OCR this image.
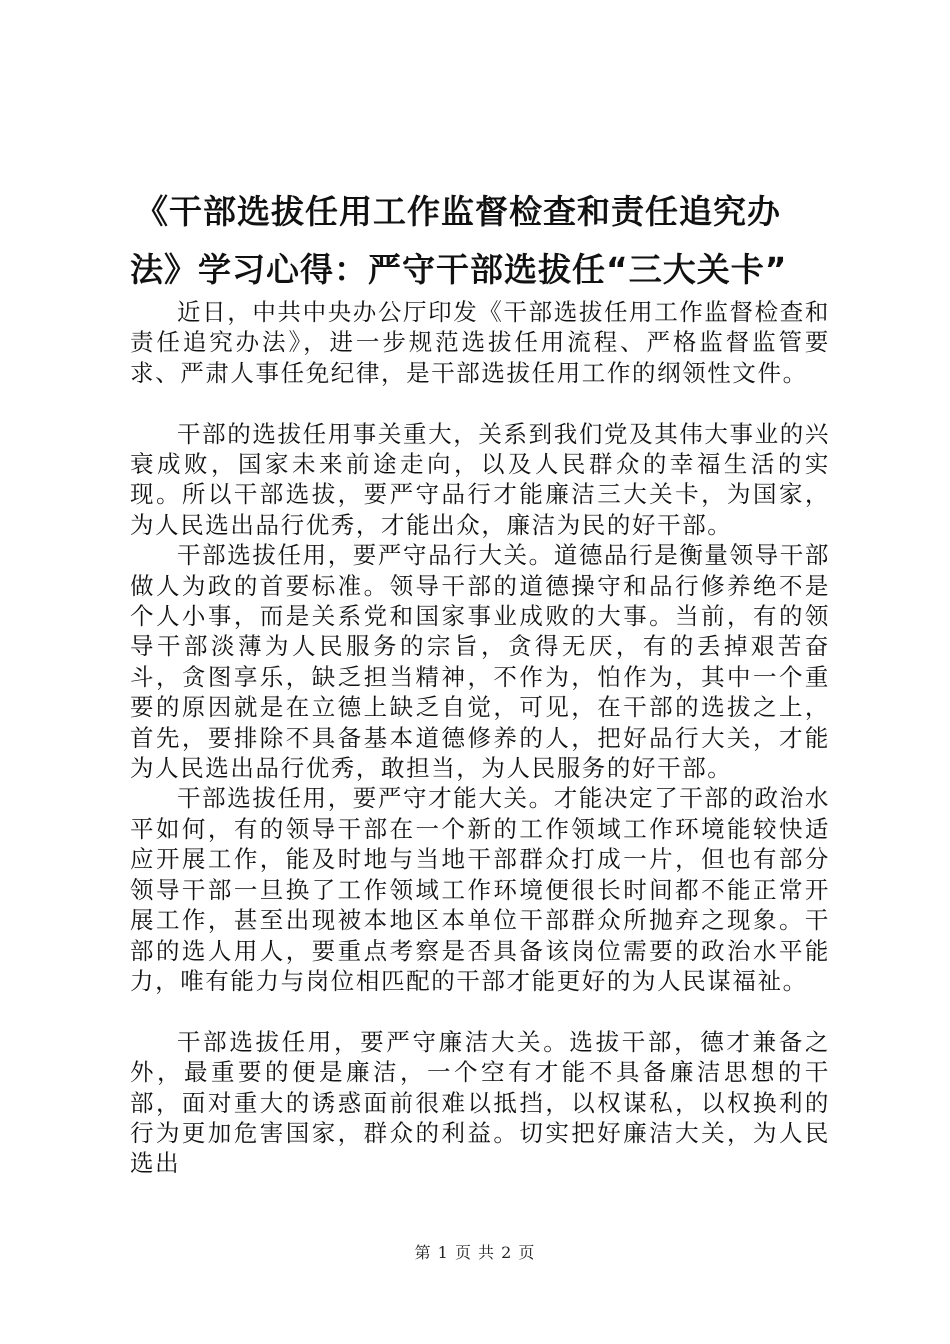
《干部选拔任用工作监督检查和责任追究办
法》学习心得：严守干部选拔任“三大关卡”

近日，中共中央办公厅印发《干部选拔任用工作监督检查和责任追究办法》，进一步规范选拔任用流程、严格监督监管要求、严肃人事任免纪律，是干部选拔任用工作的纲领性文件。

干部的选拔任用事关重大，关系到我们党及其伟大事业的兴衰成败，国家未来前途走向，以及人民群众的幸福生活的实现。所以干部选拔，要严守品行才能廉洁三大关卡，为国家，为人民选出品行优秀，才能出众，廉洁为民的好干部。

干部选拔任用，要严守品行大关。道德品行是衡量领导干部做人为政的首要标准。领导干部的道德操守和品行修养绝不是个人小事，而是关系党和国家事业成败的大事。当前，有的领导干部淡薄为人民服务的宗旨，贪得无厌，有的丢掉艰苦奋斗，贪图享乐，缺乏担当精神，不作为，怕作为，其中一个重要的原因就是在立德上缺乏自觉，可见，在干部的选拔之上，首先，要排除不具备基本道德修养的人，把好品行大关，才能为人民选出品行优秀，敢担当，为人民服务的好干部。

干部选拔任用，要严守才能大关。才能决定了干部的政治水平如何，有的领导干部在一个新的工作领域工作环境能较快适应开展工作，能及时地与当地干部群众打成一片，但也有部分领导干部一旦换了工作领域工作环境便很长时间都不能正常开展工作，甚至出现被本地区本单位干部群众所抛弃之现象。干部的选人用人，要重点考察是否具备该岗位需要的政治水平能力，唯有能力与岗位相匹配的干部才能更好的为人民谋福祉。

干部选拔任用，要严守廉洁大关。选拔干部，德才兼备之外，最重要的便是廉洁，一个空有才能不具备廉洁思想的干部，面对重大的诱惑面前很难以抵挡，以权谋私，以权换利的行为更加危害国家，群众的利益。切实把好廉洁大关，为人民选出

第 1 页 共 2 页
